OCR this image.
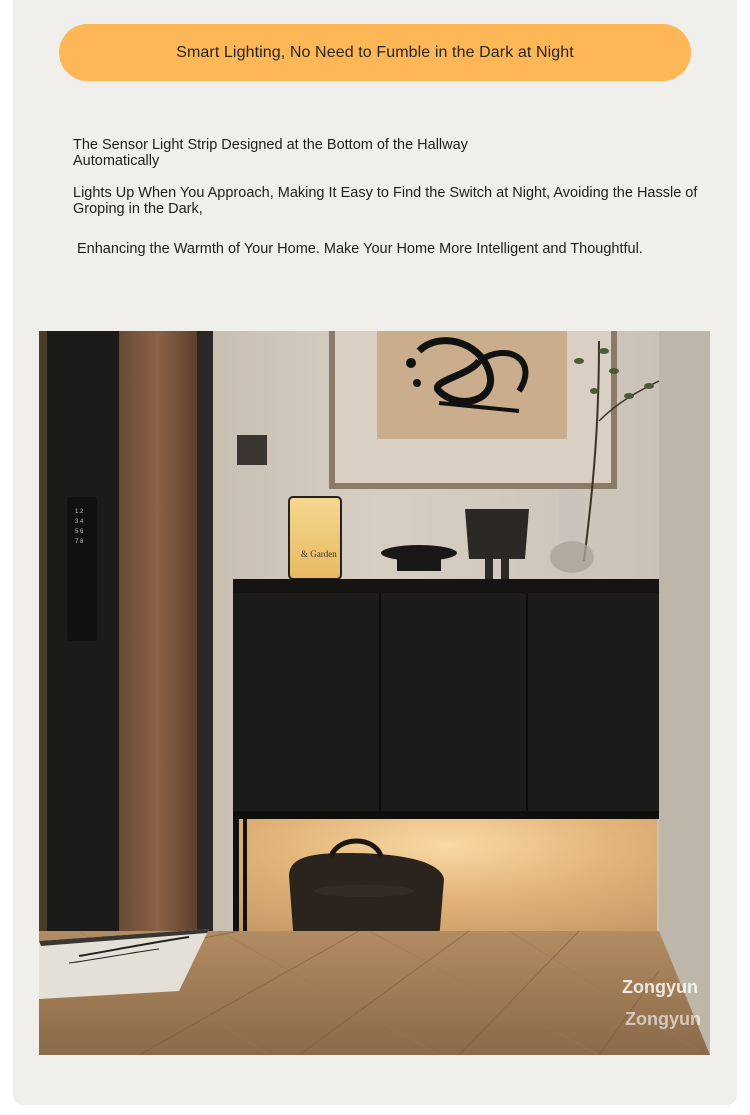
Smart Lighting, No Need to Fumble in the Dark at Night
The Sensor Light Strip Designed at the Bottom of the Hallway Automatically
Lights Up When You Approach, Making It Easy to Find the Switch at Night, Avoiding the Hassle of Groping in the Dark,
Enhancing the Warmth of Your Home. Make Your Home More Intelligent and Thoughtful.
1 2
3 4
5 6
7 8
& Garden
Zongyun
Zongyun
